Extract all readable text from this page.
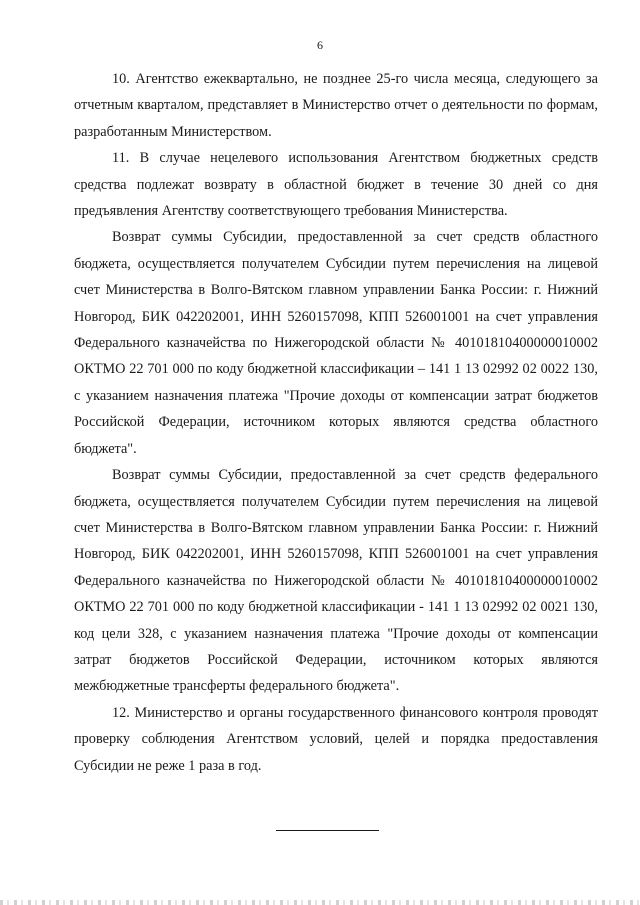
6

10. Агентство ежеквартально, не позднее 25-го числа месяца, следующего за отчетным кварталом, представляет в Министерство отчет о деятельности по формам, разработанным Министерством.

11. В случае нецелевого использования Агентством бюджетных средств средства подлежат возврату в областной бюджет в течение 30 дней со дня предъявления Агентству соответствующего требования Министерства.

Возврат суммы Субсидии, предоставленной за счет средств областного бюджета, осуществляется получателем Субсидии путем перечисления на лицевой счет Министерства в Волго-Вятском главном управлении Банка России: г. Нижний Новгород, БИК 042202001, ИНН 5260157098, КПП 526001001 на счет управления Федерального казначейства по Нижегородской области № 40101810400000010002 ОКТМО 22 701 000 по коду бюджетной классификации – 141 1 13 02992 02 0022 130, с указанием назначения платежа "Прочие доходы от компенсации затрат бюджетов Российской Федерации, источником которых являются средства областного бюджета".

Возврат суммы Субсидии, предоставленной за счет средств федерального бюджета, осуществляется получателем Субсидии путем перечисления на лицевой счет Министерства в Волго-Вятском главном управлении Банка России: г. Нижний Новгород, БИК 042202001, ИНН 5260157098, КПП 526001001 на счет управления Федерального казначейства по Нижегородской области № 40101810400000010002 ОКТМО 22 701 000 по коду бюджетной классификации - 141 1 13 02992 02 0021 130, код цели 328, с указанием назначения платежа "Прочие доходы от компенсации затрат бюджетов Российской Федерации, источником которых являются межбюджетные трансферты федерального бюджета".

12. Министерство и органы государственного финансового контроля проводят проверку соблюдения Агентством условий, целей и порядка предоставления Субсидии не реже 1 раза в год.
